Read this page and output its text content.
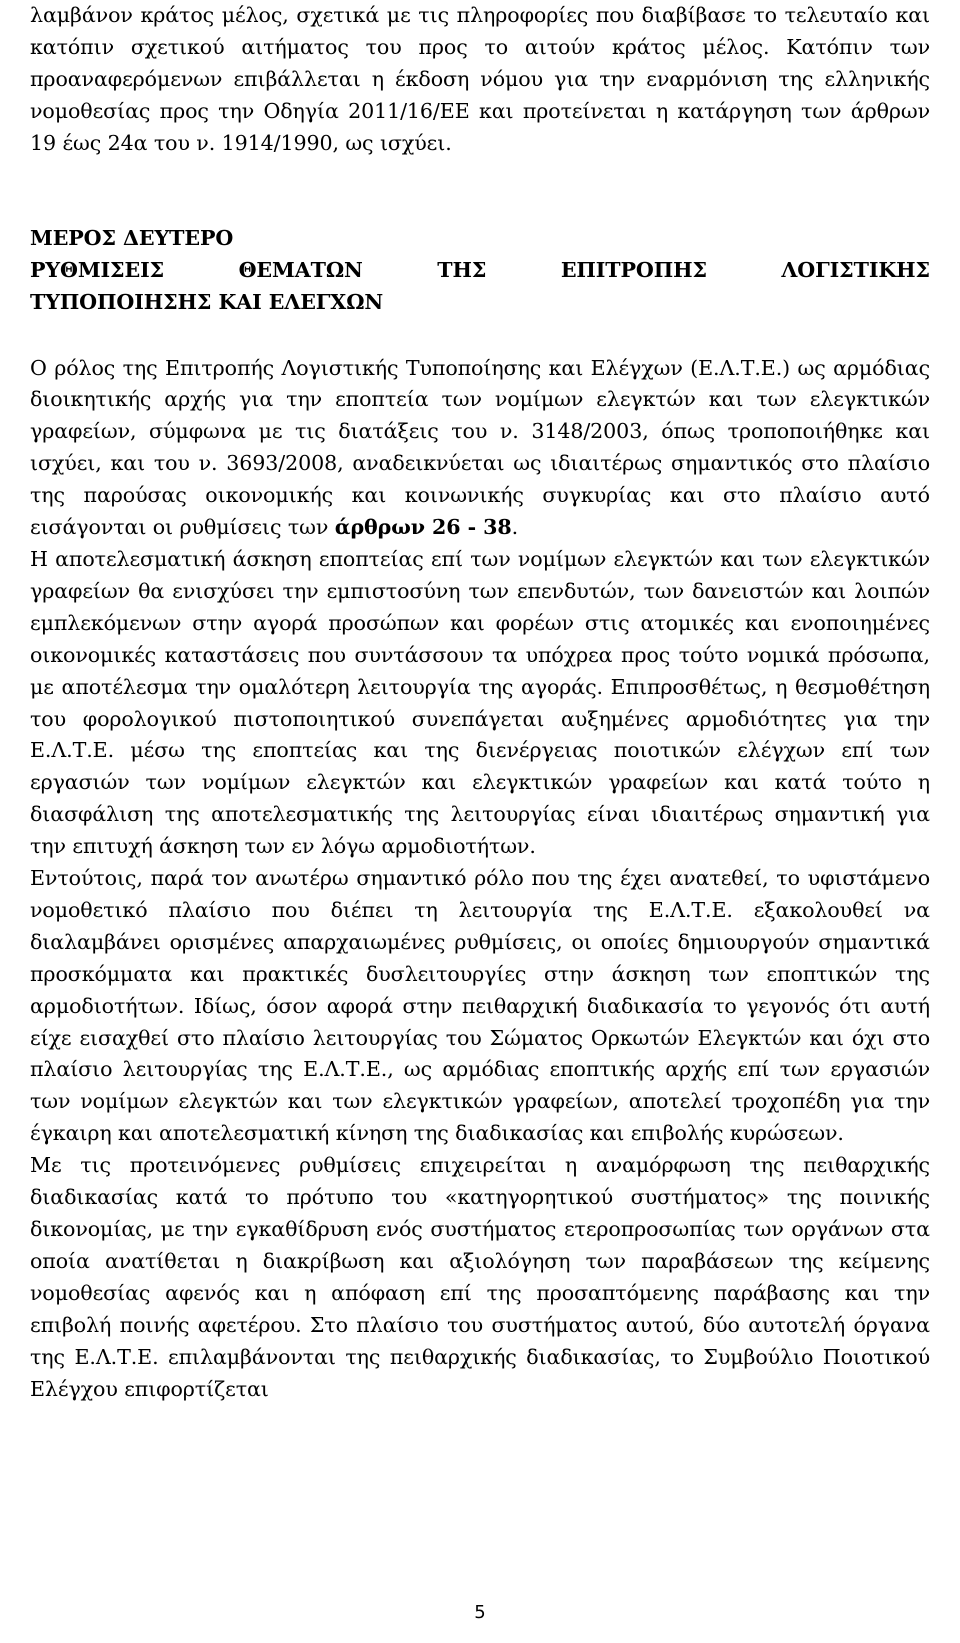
λαμβάνον κράτος μέλος, σχετικά με τις πληροφορίες που διαβίβασε το τελευταίο και κατόπιν σχετικού αιτήματος του προς το αιτούν κράτος μέλος. Κατόπιν των προαναφερόμενων επιβάλλεται η έκδοση νόμου για την εναρμόνιση της ελληνικής νομοθεσίας προς την Οδηγία 2011/16/ΕΕ και προτείνεται η κατάργηση των άρθρων 19 έως 24α του ν. 1914/1990, ως ισχύει.

ΜΕΡΟΣ ΔΕΥΤΕΡΟ
ΡΥΘΜΙΣΕΙΣ	ΘΕΜΑΤΩΝ	ΤΗΣ	ΕΠΙΤΡΟΠΗΣ	ΛΟΓΙΣΤΙΚΗΣ
ΤΥΠΟΠΟΙΗΣΗΣ ΚΑΙ ΕΛΕΓΧΩΝ

Ο ρόλος της Επιτροπής Λογιστικής Τυποποίησης και Ελέγχων (Ε.Λ.Τ.Ε.) ως αρμόδιας διοικητικής αρχής για την εποπτεία των νομίμων ελεγκτών και των ελεγκτικών γραφείων, σύμφωνα με τις διατάξεις του ν. 3148/2003, όπως τροποποιήθηκε και ισχύει, και του ν. 3693/2008, αναδεικνύεται ως ιδιαιτέρως σημαντικός στο πλαίσιο της παρούσας οικονομικής και κοινωνικής συγκυρίας και στο πλαίσιο αυτό εισάγονται οι ρυθμίσεις των άρθρων 26 - 38.

Η αποτελεσματική άσκηση εποπτείας επί των νομίμων ελεγκτών και των ελεγκτικών γραφείων θα ενισχύσει την εμπιστοσύνη των επενδυτών, των δανειστών και λοιπών εμπλεκόμενων στην αγορά προσώπων και φορέων στις ατομικές και ενοποιημένες οικονομικές καταστάσεις που συντάσσουν τα υπόχρεα προς τούτο νομικά πρόσωπα, με αποτέλεσμα την ομαλότερη λειτουργία της αγοράς. Επιπροσθέτως, η θεσμοθέτηση του φορολογικού πιστοποιητικού συνεπάγεται αυξημένες αρμοδιότητες για την Ε.Λ.Τ.Ε. μέσω της εποπτείας και της διενέργειας ποιοτικών ελέγχων επί των εργασιών των νομίμων ελεγκτών και ελεγκτικών γραφείων και κατά τούτο η διασφάλιση της αποτελεσματικής της λειτουργίας είναι ιδιαιτέρως σημαντική για την επιτυχή άσκηση των εν λόγω αρμοδιοτήτων.

Εντούτοις, παρά τον ανωτέρω σημαντικό ρόλο που της έχει ανατεθεί, το υφιστάμενο νομοθετικό πλαίσιο που διέπει τη λειτουργία της Ε.Λ.Τ.Ε. εξακολουθεί να διαλαμβάνει ορισμένες απαρχαιωμένες ρυθμίσεις, οι οποίες δημιουργούν σημαντικά προσκόμματα και πρακτικές δυσλειτουργίες στην άσκηση των εποπτικών της αρμοδιοτήτων. Ιδίως, όσον αφορά στην πειθαρχική διαδικασία το γεγονός ότι αυτή είχε εισαχθεί στο πλαίσιο λειτουργίας του Σώματος Ορκωτών Ελεγκτών και όχι στο πλαίσιο λειτουργίας της Ε.Λ.Τ.Ε., ως αρμόδιας εποπτικής αρχής επί των εργασιών των νομίμων ελεγκτών και των ελεγκτικών γραφείων, αποτελεί τροχοπέδη για την έγκαιρη και αποτελεσματική κίνηση της διαδικασίας και επιβολής κυρώσεων.

Με τις προτεινόμενες ρυθμίσεις επιχειρείται η αναμόρφωση της πειθαρχικής διαδικασίας κατά το πρότυπο του «κατηγορητικού συστήματος» της ποινικής δικονομίας, με την εγκαθίδρυση ενός συστήματος ετεροπροσωπίας των οργάνων στα οποία ανατίθεται η διακρίβωση και αξιολόγηση των παραβάσεων της κείμενης νομοθεσίας αφενός και η απόφαση επί της προσαπτόμενης παράβασης και την επιβολή ποινής αφετέρου. Στο πλαίσιο του συστήματος αυτού, δύο αυτοτελή όργανα της Ε.Λ.Τ.Ε. επιλαμβάνονται της πειθαρχικής διαδικασίας, το Συμβούλιο Ποιοτικού Ελέγχου επιφορτίζεται

5
